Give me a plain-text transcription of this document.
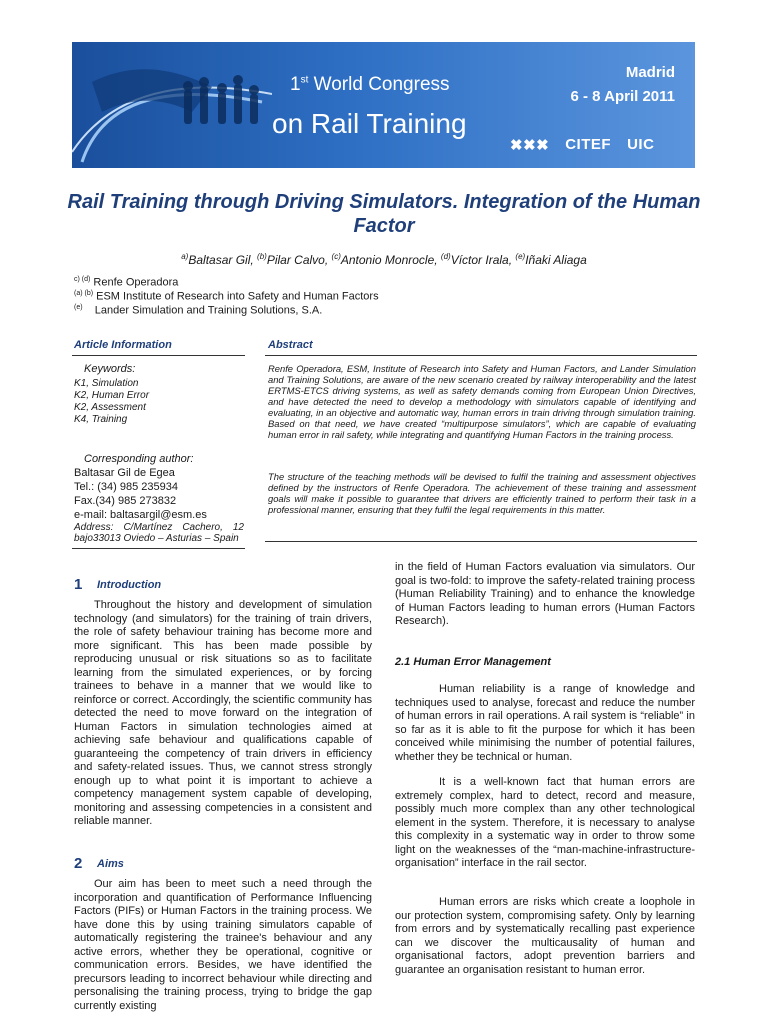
1st World Congress
on Rail Training
Madrid
6 - 8 April 2011
✖✖✖ CITEF UIC
Rail Training through Driving Simulators. Integration of the Human Factor
$^{a)}$Baltasar Gil, $^{(b)}$Pilar Calvo, $^{(c)}$Antonio Monrocle, $^{(d)}$Víctor Irala, $^{(e)}$Iñaki Aliaga
$^{c) (d)}$ Renfe Operadora
$^{(a) (b)}$ ESM Institute of Research into Safety and Human Factors
$^{(e)}$ Lander Simulation and Training Solutions, S.A.
Article Information	Abstract
Keywords:
K1, Simulation
K2, Human Error
K2, Assessment
K4, Training
Corresponding author:
Baltasar Gil de Egea
Tel.: (34) 985 235934
Fax.(34) 985 273832
e-mail: baltasargil@esm.es
Address: C/Martínez Cachero, 12 bajo33013 Oviedo – Asturias – Spain

Renfe Operadora, ESM, Institute of Research into Safety and Human Factors, and Lander Simulation and Training Solutions, are aware of the new scenario created by railway interoperability and the latest ERTMS-ETCS driving systems, as well as safety demands coming from European Union Directives, and have detected the need to develop a methodology with simulators capable of identifying and evaluating, in an objective and automatic way, human errors in train driving through simulation training. Based on that need, we have created “multipurpose simulators”, which are capable of evaluating human error in rail safety, while integrating and quantifying Human Factors in the training process.

The structure of the teaching methods will be devised to fulfil the training and assessment objectives defined by the instructors of Renfe Operadora. The achievement of these training and assessment goals will make it possible to guarantee that drivers are efficiently trained to perform their task in a professional manner, ensuring that they fulfil the legal requirements in this matter.

1 Introduction

Throughout the history and development of simulation technology (and simulators) for the training of train drivers, the role of safety behaviour training has become more and more significant. This has been made possible by reproducing unusual or risk situations so as to facilitate learning from the simulated experiences, or by forcing trainees to behave in a manner that we would like to reinforce or correct. Accordingly, the scientific community has detected the need to move forward on the integration of Human Factors in simulation technologies aimed at achieving safe behaviour and qualifications capable of guaranteeing the competency of train drivers in efficiency and safety-related issues. Thus, we cannot stress strongly enough up to what point it is important to achieve a competency management system capable of developing, monitoring and assessing competencies in a consistent and reliable manner.

2 Aims

Our aim has been to meet such a need through the incorporation and quantification of Performance Influencing Factors (PIFs) or Human Factors in the training process. We have done this by using training simulators capable of automatically registering the trainee's behaviour and any active errors, whether they be operational, cognitive or communication errors. Besides, we have identified the precursors leading to incorrect behaviour while directing and personalising the training process, trying to bridge the gap currently existing

in the field of Human Factors evaluation via simulators. Our goal is two-fold: to improve the safety-related training process (Human Reliability Training) and to enhance the knowledge of Human Factors leading to human errors (Human Factors Research).

2.1 Human Error Management

Human reliability is a range of knowledge and techniques used to analyse, forecast and reduce the number of human errors in rail operations. A rail system is “reliable” in so far as it is able to fit the purpose for which it has been conceived while minimising the number of potential failures, whether they be technical or human.

It is a well-known fact that human errors are extremely complex, hard to detect, record and measure, possibly much more complex than any other technological element in the system. Therefore, it is necessary to analyse this complexity in a systematic way in order to throw some light on the weaknesses of the “man-machine-infrastructure-organisation” interface in the rail sector.

Human errors are risks which create a loophole in our protection system, compromising safety. Only by learning from errors and by systematically recalling past experience can we discover the multicausality of human and organisational factors, adopt prevention barriers and guarantee an organisation resistant to human error.
